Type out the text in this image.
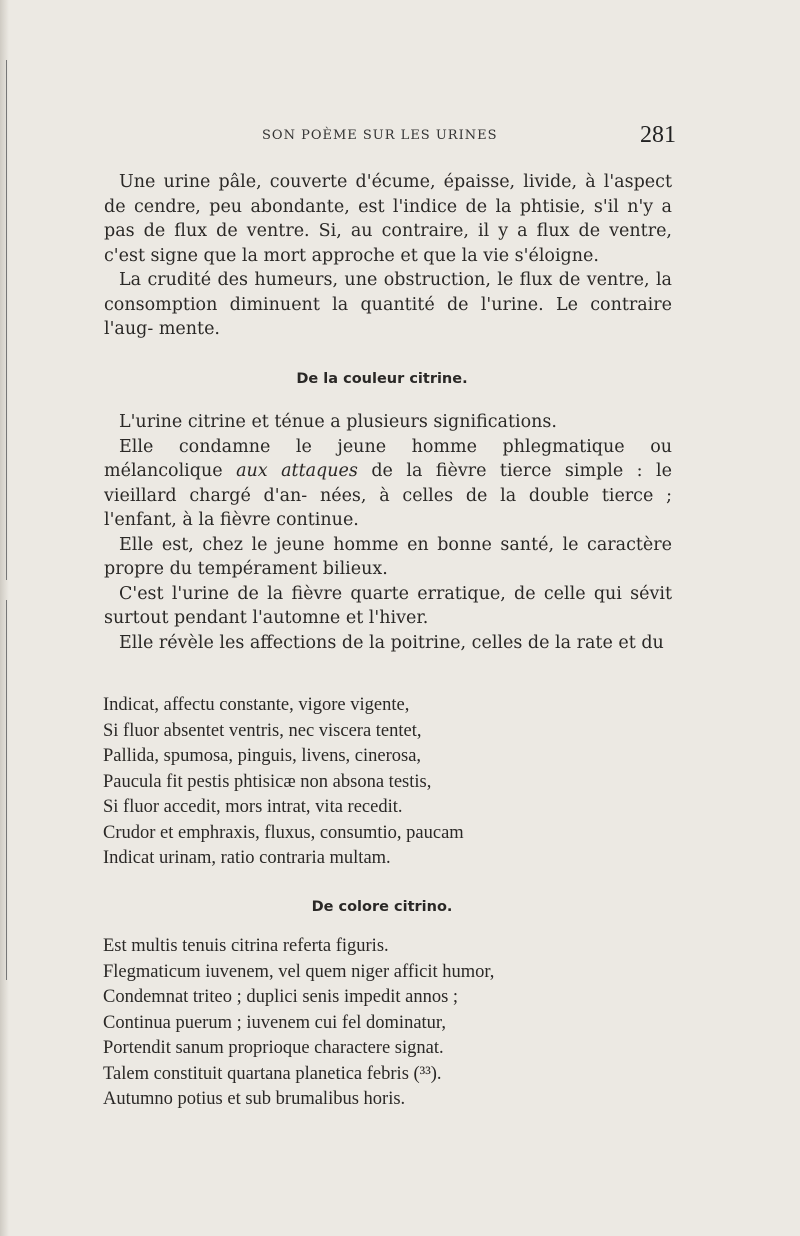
SON POÈME SUR LES URINES	281

Une urine pâle, couverte d'écume, épaisse, livide, à l'aspect de cendre, peu abondante, est l'indice de la phtisie, s'il n'y a pas de flux de ventre. Si, au contraire, il y a flux de ventre, c'est signe que la mort approche et que la vie s'éloigne.

La crudité des humeurs, une obstruction, le flux de ventre, la consomption diminuent la quantité de l'urine. Le contraire l'aug- mente.

De la couleur citrine.

L'urine citrine et ténue a plusieurs significations.

Elle condamne le jeune homme phlegmatique ou mélancolique aux attaques de la fièvre tierce simple : le vieillard chargé d'an- nées, à celles de la double tierce ; l'enfant, à la fièvre continue.

Elle est, chez le jeune homme en bonne santé, le caractère propre du tempérament bilieux.

C'est l'urine de la fièvre quarte erratique, de celle qui sévit surtout pendant l'automne et l'hiver.

Elle révèle les affections de la poitrine, celles de la rate et du

Indicat, affectu constante, vigore vigente,
Si fluor absentet ventris, nec viscera tentet,
Pallida, spumosa, pinguis, livens, cinerosa,
Paucula fit pestis phtisicæ non absona testis,
Si fluor accedit, mors intrat, vita recedit.
Crudor et emphraxis, fluxus, consumtio, paucam
Indicat urinam, ratio contraria multam.
De colore citrino.
Est multis tenuis citrina referta figuris.
Flegmaticum iuvenem, vel quem niger afficit humor,
Condemnat triteo ; duplici senis impedit annos ;
Continua puerum ; iuvenem cui fel dominatur,
Portendit sanum proprioque charactere signat.
Talem constituit quartana planetica febris (³³).
Autumno potius et sub brumalibus horis.
